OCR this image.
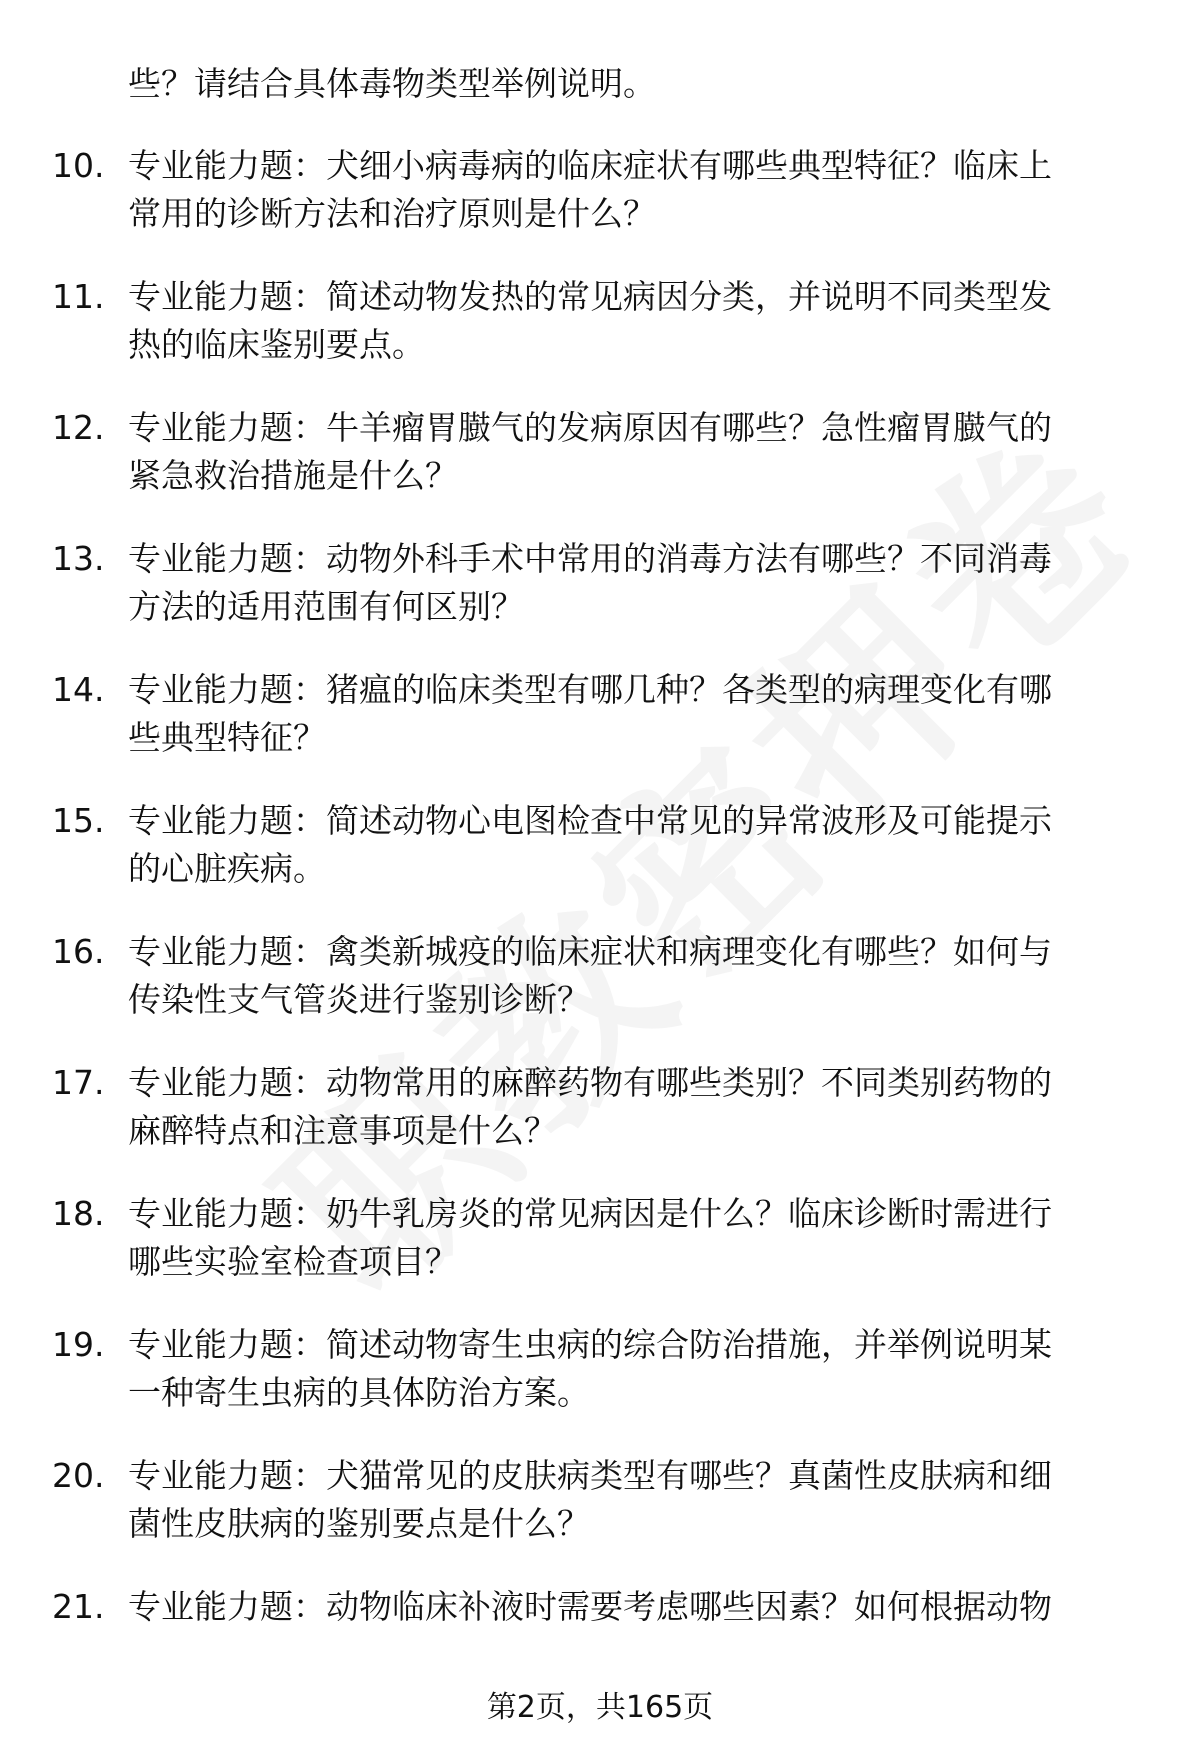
些？请结合具体毒物类型举例说明。
10. 专业能力题：犬细小病毒病的临床症状有哪些典型特征？临床上
常用的诊断方法和治疗原则是什么？
11. 专业能力题：简述动物发热的常见病因分类，并说明不同类型发
热的临床鉴别要点。
12. 专业能力题：牛羊瘤胃臌气的发病原因有哪些？急性瘤胃臌气的
紧急救治措施是什么？
13. 专业能力题：动物外科手术中常用的消毒方法有哪些？不同消毒
方法的适用范围有何区别？
14. 专业能力题：猪瘟的临床类型有哪几种？各类型的病理变化有哪
些典型特征？
15. 专业能力题：简述动物心电图检查中常见的异常波形及可能提示
的心脏疾病。
16. 专业能力题：禽类新城疫的临床症状和病理变化有哪些？如何与
传染性支气管炎进行鉴别诊断？
17. 专业能力题：动物常用的麻醉药物有哪些类别？不同类别药物的
麻醉特点和注意事项是什么？
18. 专业能力题：奶牛乳房炎的常见病因是什么？临床诊断时需进行
哪些实验室检查项目？
19. 专业能力题：简述动物寄生虫病的综合防治措施，并举例说明某
一种寄生虫病的具体防治方案。
20. 专业能力题：犬猫常见的皮肤病类型有哪些？真菌性皮肤病和细
菌性皮肤病的鉴别要点是什么？
21. 专业能力题：动物临床补液时需要考虑哪些因素？如何根据动物
第2页，共165页
